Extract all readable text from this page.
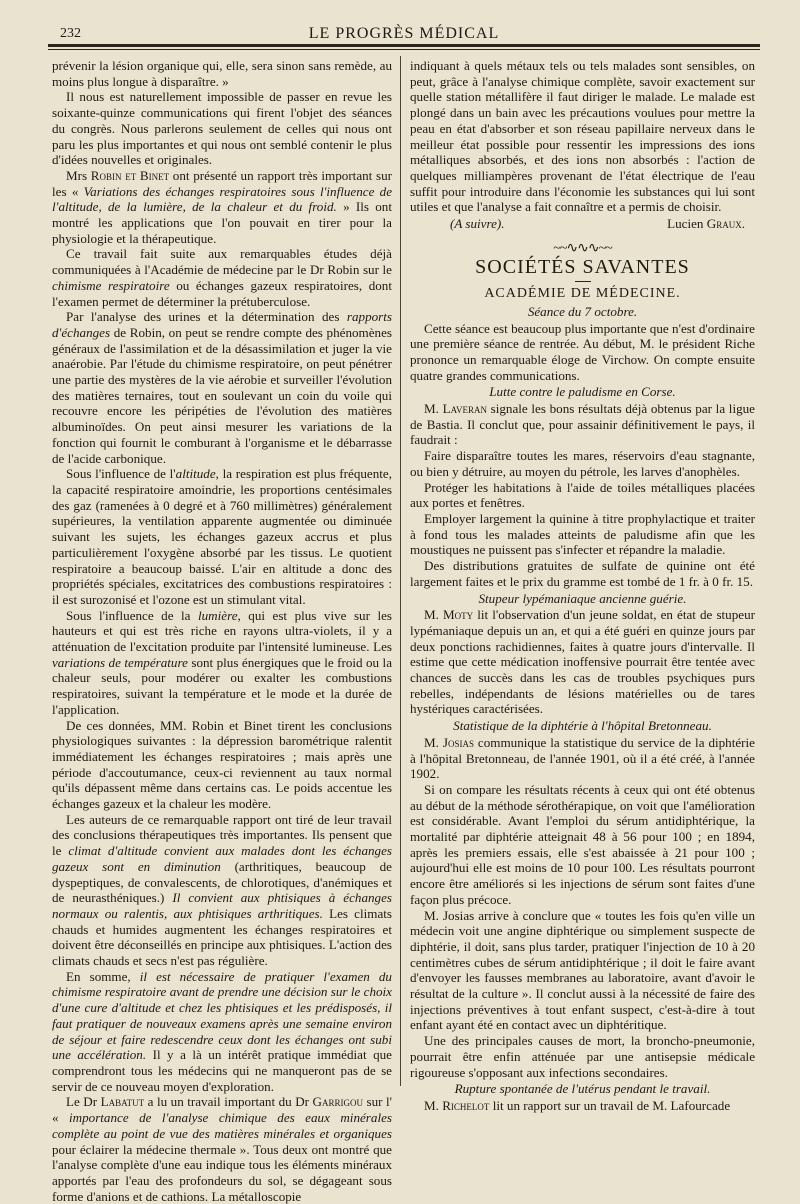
232	LE PROGRÈS MÉDICAL

prévenir la lésion organique qui, elle, sera sinon sans remède, au moins plus longue à disparaître. »

Il nous est naturellement impossible de passer en revue les soixante-quinze communications qui firent l'objet des séances du congrès. Nous parlerons seulement de celles qui nous ont paru les plus importantes et qui nous ont semblé contenir le plus d'idées nouvelles et originales.

Mrs Robin et Binet ont présenté un rapport très important sur les « Variations des échanges respiratoires sous l'influence de l'altitude, de la lumière, de la chaleur et du froid. » Ils ont montré les applications que l'on pouvait en tirer pour la physiologie et la thérapeutique.

Ce travail fait suite aux remarquables études déjà communiquées à l'Académie de médecine par le Dr Robin sur le chimisme respiratoire ou échanges gazeux respiratoires, dont l'examen permet de déterminer la prétuberculose.

Par l'analyse des urines et la détermination des rapports d'échanges de Robin, on peut se rendre compte des phénomènes généraux de l'assimilation et de la désassimilation et juger la vie anaérobie. Par l'étude du chimisme respiratoire, on peut pénétrer une partie des mystères de la vie aérobie et surveiller l'évolution des matières ternaires, tout en soulevant un coin du voile qui recouvre encore les péripéties de l'évolution des matières albuminoïdes. On peut ainsi mesurer les variations de la fonction qui fournit le comburant à l'organisme et le débarrasse de l'acide carbonique.

Sous l'influence de l'altitude, la respiration est plus fréquente, la capacité respiratoire amoindrie, les proportions centésimales des gaz (ramenées à 0 degré et à 760 millimètres) généralement supérieures, la ventilation apparente augmentée ou diminuée suivant les sujets, les échanges gazeux accrus et plus particulièrement l'oxygène absorbé par les tissus. Le quotient respiratoire a beaucoup baissé. L'air en altitude a donc des propriétés spéciales, excitatrices des combustions respiratoires : il est surozonisé et l'ozone est un stimulant vital.

Sous l'influence de la lumière, qui est plus vive sur les hauteurs et qui est très riche en rayons ultra-violets, il y a atténuation de l'excitation produite par l'intensité lumineuse. Les variations de température sont plus énergiques que le froid ou la chaleur seuls, pour modérer ou exalter les combustions respiratoires, suivant la température et le mode et la durée de l'application.

De ces données, MM. Robin et Binet tirent les conclusions physiologiques suivantes : la dépression barométrique ralentit immédiatement les échanges respiratoires ; mais après une période d'accoutumance, ceux-ci reviennent au taux normal qu'ils dépassent même dans certains cas. Le poids accentue les échanges gazeux et la chaleur les modère.

Les auteurs de ce remarquable rapport ont tiré de leur travail des conclusions thérapeutiques très importantes. Ils pensent que le climat d'altitude convient aux malades dont les échanges gazeux sont en diminution (arthritiques, beaucoup de dyspeptiques, de convalescents, de chlorotiques, d'anémiques et de neurasthéniques.) Il convient aux phtisiques à échanges normaux ou ralentis, aux phtisiques arthritiques. Les climats chauds et humides augmentent les échanges respiratoires et doivent être déconseillés en principe aux phtisiques. L'action des climats chauds et secs n'est pas régulière.

En somme, il est nécessaire de pratiquer l'examen du chimisme respiratoire avant de prendre une décision sur le choix d'une cure d'altitude et chez les phtisiques et les prédisposés, il faut pratiquer de nouveaux examens après une semaine environ de séjour et faire redescendre ceux dont les échanges ont subi une accélération. Il y a là un intérêt pratique immédiat que comprendront tous les médecins qui ne manqueront pas de se servir de ce nouveau moyen d'exploration.

Le Dr Labatut a lu un travail important du Dr Garrigou sur l' « importance de l'analyse chimique des eaux minérales complète au point de vue des matières minérales et organiques pour éclairer la médecine thermale ». Tous deux ont montré que l'analyse complète d'une eau indique tous les éléments minéraux apportés par l'eau des profondeurs du sol, se dégageant sous forme d'anions et de cathions. La métalloscopie

indiquant à quels métaux tels ou tels malades sont sensibles, on peut, grâce à l'analyse chimique complète, savoir exactement sur quelle station métallifère il faut diriger le malade. Le malade est plongé dans un bain avec les précautions voulues pour mettre la peau en état d'absorber et son réseau papillaire nerveux dans le meilleur état possible pour ressentir les impressions des ions métalliques absorbés, et des ions non absorbés : l'action de quelques milliampères provenant de l'état électrique de l'eau suffit pour introduire dans l'économie les substances qui lui sont utiles et que l'analyse a fait connaître et a permis de choisir.

(A suivre).	Lucien Graux.
~~∿∿∿~~
SOCIÉTÉS SAVANTES
ACADÉMIE DE MÉDECINE.
Séance du 7 octobre.

Cette séance est beaucoup plus importante que n'est d'ordinaire une première séance de rentrée. Au début, M. le président Riche prononce un remarquable éloge de Virchow. On compte ensuite quatre grandes communications.

Lutte contre le paludisme en Corse.

M. Laveran signale les bons résultats déjà obtenus par la ligue de Bastia. Il conclut que, pour assainir définitivement le pays, il faudrait :

Faire disparaître toutes les mares, réservoirs d'eau stagnante, ou bien y détruire, au moyen du pétrole, les larves d'anophèles.

Protéger les habitations à l'aide de toiles métalliques placées aux portes et fenêtres.

Employer largement la quinine à titre prophylactique et traiter à fond tous les malades atteints de paludisme afin que les moustiques ne puissent pas s'infecter et répandre la maladie.

Des distributions gratuites de sulfate de quinine ont été largement faites et le prix du gramme est tombé de 1 fr. à 0 fr. 15.

Stupeur lypémaniaque ancienne guérie.

M. Moty lit l'observation d'un jeune soldat, en état de stupeur lypémaniaque depuis un an, et qui a été guéri en quinze jours par deux ponctions rachidiennes, faites à quatre jours d'intervalle. Il estime que cette médication inoffensive pourrait être tentée avec chances de succès dans les cas de troubles psychiques purs rebelles, indépendants de lésions matérielles ou de tares hystériques caractérisées.

Statistique de la diphtérie à l'hôpital Bretonneau.

M. Josias communique la statistique du service de la diphtérie à l'hôpital Bretonneau, de l'année 1901, où il a été créé, à l'année 1902.

Si on compare les résultats récents à ceux qui ont été obtenus au début de la méthode sérothérapique, on voit que l'amélioration est considérable. Avant l'emploi du sérum antidiphtérique, la mortalité par diphtérie atteignait 48 à 56 pour 100 ; en 1894, après les premiers essais, elle s'est abaissée à 21 pour 100 ; aujourd'hui elle est moins de 10 pour 100. Les résultats pourront encore être améliorés si les injections de sérum sont faites d'une façon plus précoce.

M. Josias arrive à conclure que « toutes les fois qu'en ville un médecin voit une angine diphtérique ou simplement suspecte de diphtérie, il doit, sans plus tarder, pratiquer l'injection de 10 à 20 centimètres cubes de sérum antidiphtérique ; il doit le faire avant d'envoyer les fausses membranes au laboratoire, avant d'avoir le résultat de la culture ». Il conclut aussi à la nécessité de faire des injections préventives à tout enfant suspect, c'est-à-dire à tout enfant ayant été en contact avec un diphtéritique.

Une des principales causes de mort, la broncho-pneumonie, pourrait être enfin atténuée par une antisepsie médicale rigoureuse s'opposant aux infections secondaires.

Rupture spontanée de l'utérus pendant le travail.

M. Richelot lit un rapport sur un travail de M. Lafourcade
